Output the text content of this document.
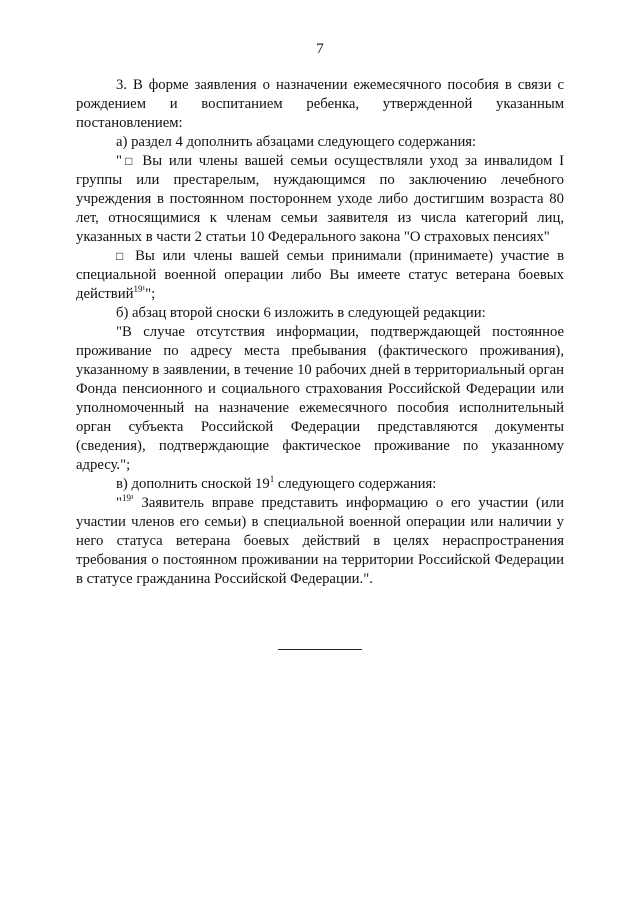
7

3. В форме заявления о назначении ежемесячного пособия в связи с рождением и воспитанием ребенка, утвержденной указанным постановлением:

а) раздел 4 дополнить абзацами следующего содержания:

"□ Вы или члены вашей семьи осуществляли уход за инвалидом I группы или престарелым, нуждающимся по заключению лечебного учреждения в постоянном постороннем уходе либо достигшим возраста 80 лет, относящимися к членам семьи заявителя из числа категорий лиц, указанных в части 2 статьи 10 Федерального закона "О страховых пенсиях"

□ Вы или члены вашей семьи принимали (принимаете) участие в специальной военной операции либо Вы имеете статус ветерана боевых действий$^{19^1}$";

б) абзац второй сноски 6 изложить в следующей редакции:

"В случае отсутствия информации, подтверждающей постоянное проживание по адресу места пребывания (фактического проживания), указанному в заявлении, в течение 10 рабочих дней в территориальный орган Фонда пенсионного и социального страхования Российской Федерации или уполномоченный на назначение ежемесячного пособия исполнительный орган субъекта Российской Федерации представляются документы (сведения), подтверждающие фактическое проживание по указанному адресу.";

в) дополнить сноской $19^1$ следующего содержания:

"$^{19^1}$ Заявитель вправе представить информацию о его участии (или участии членов его семьи) в специальной военной операции или наличии у него статуса ветерана боевых действий в целях нераспространения требования о постоянном проживании на территории Российской Федерации в статусе гражданина Российской Федерации.".
